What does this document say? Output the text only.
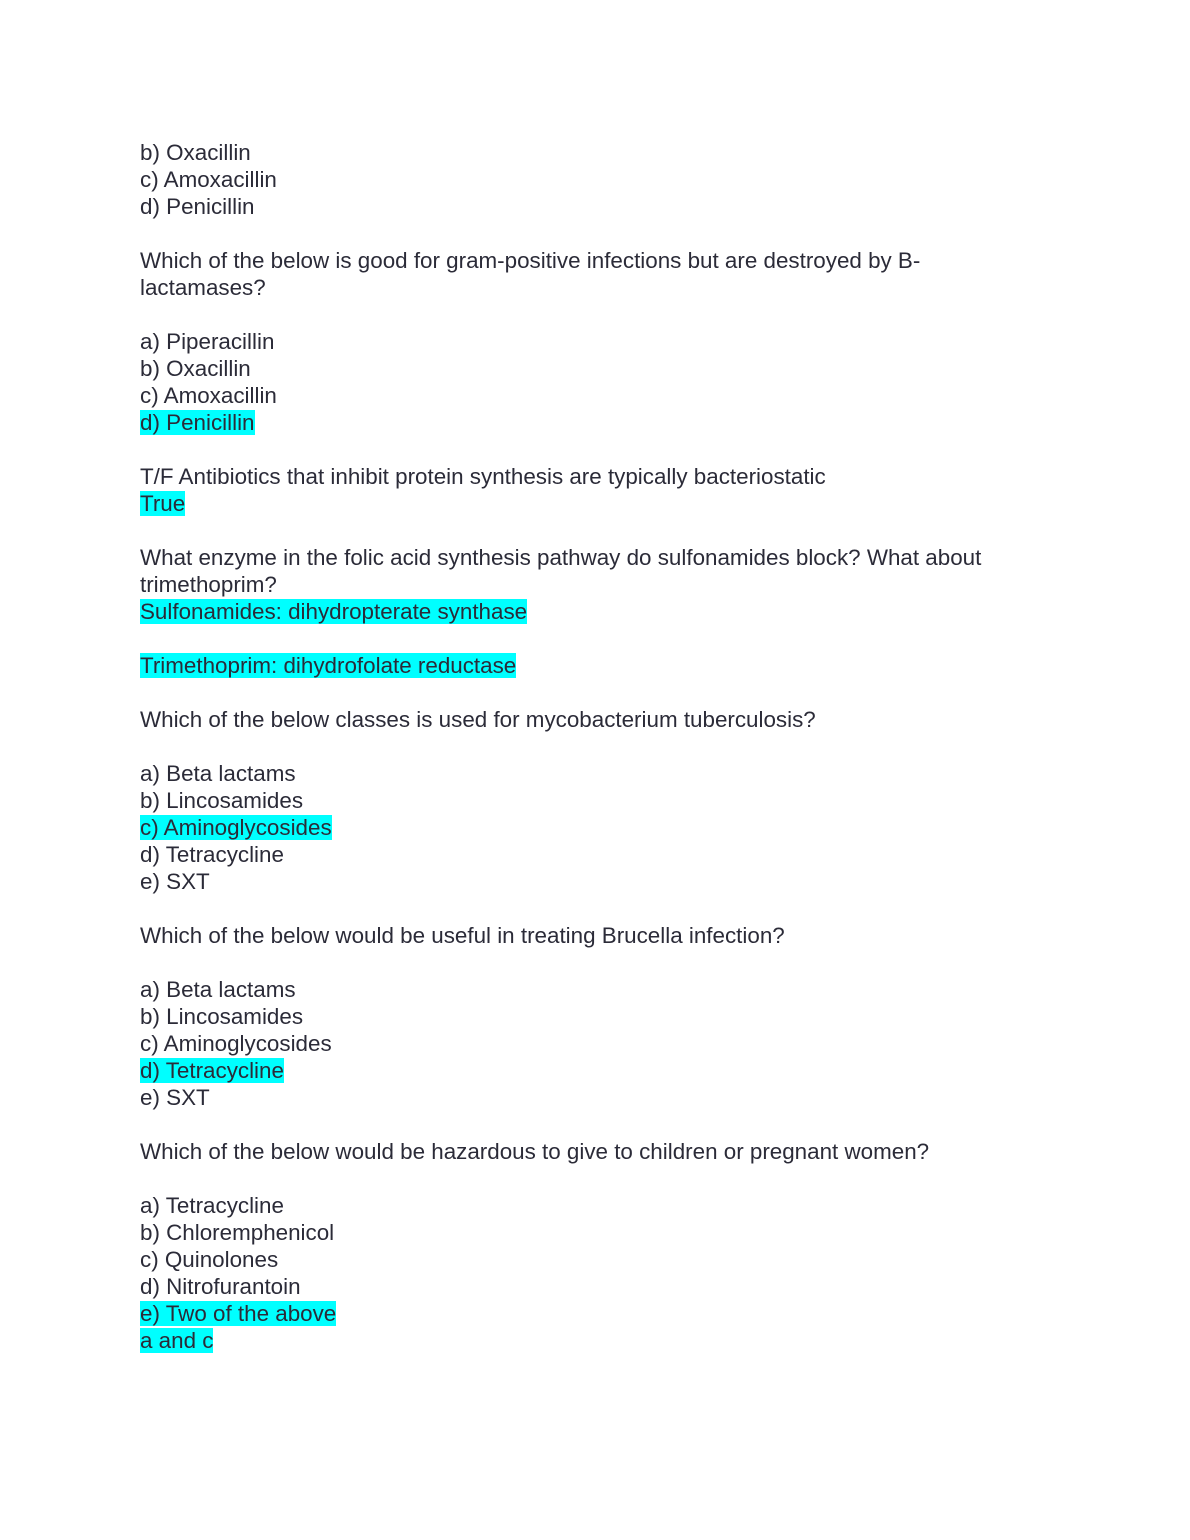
b) Oxacillin
c) Amoxacillin
d) Penicillin
Which of the below is good for gram-positive infections but are destroyed by B-
lactamases?
a) Piperacillin
b) Oxacillin
c) Amoxacillin
d) Penicillin
T/F Antibiotics that inhibit protein synthesis are typically bacteriostatic
True
What enzyme in the folic acid synthesis pathway do sulfonamides block? What about
trimethoprim?
Sulfonamides: dihydropterate synthase
Trimethoprim: dihydrofolate reductase
Which of the below classes is used for mycobacterium tuberculosis?
a) Beta lactams
b) Lincosamides
c) Aminoglycosides
d) Tetracycline
e) SXT
Which of the below would be useful in treating Brucella infection?
a) Beta lactams
b) Lincosamides
c) Aminoglycosides
d) Tetracycline
e) SXT
Which of the below would be hazardous to give to children or pregnant women?
a) Tetracycline
b) Chloremphenicol
c) Quinolones
d) Nitrofurantoin
e) Two of the above
a and c
